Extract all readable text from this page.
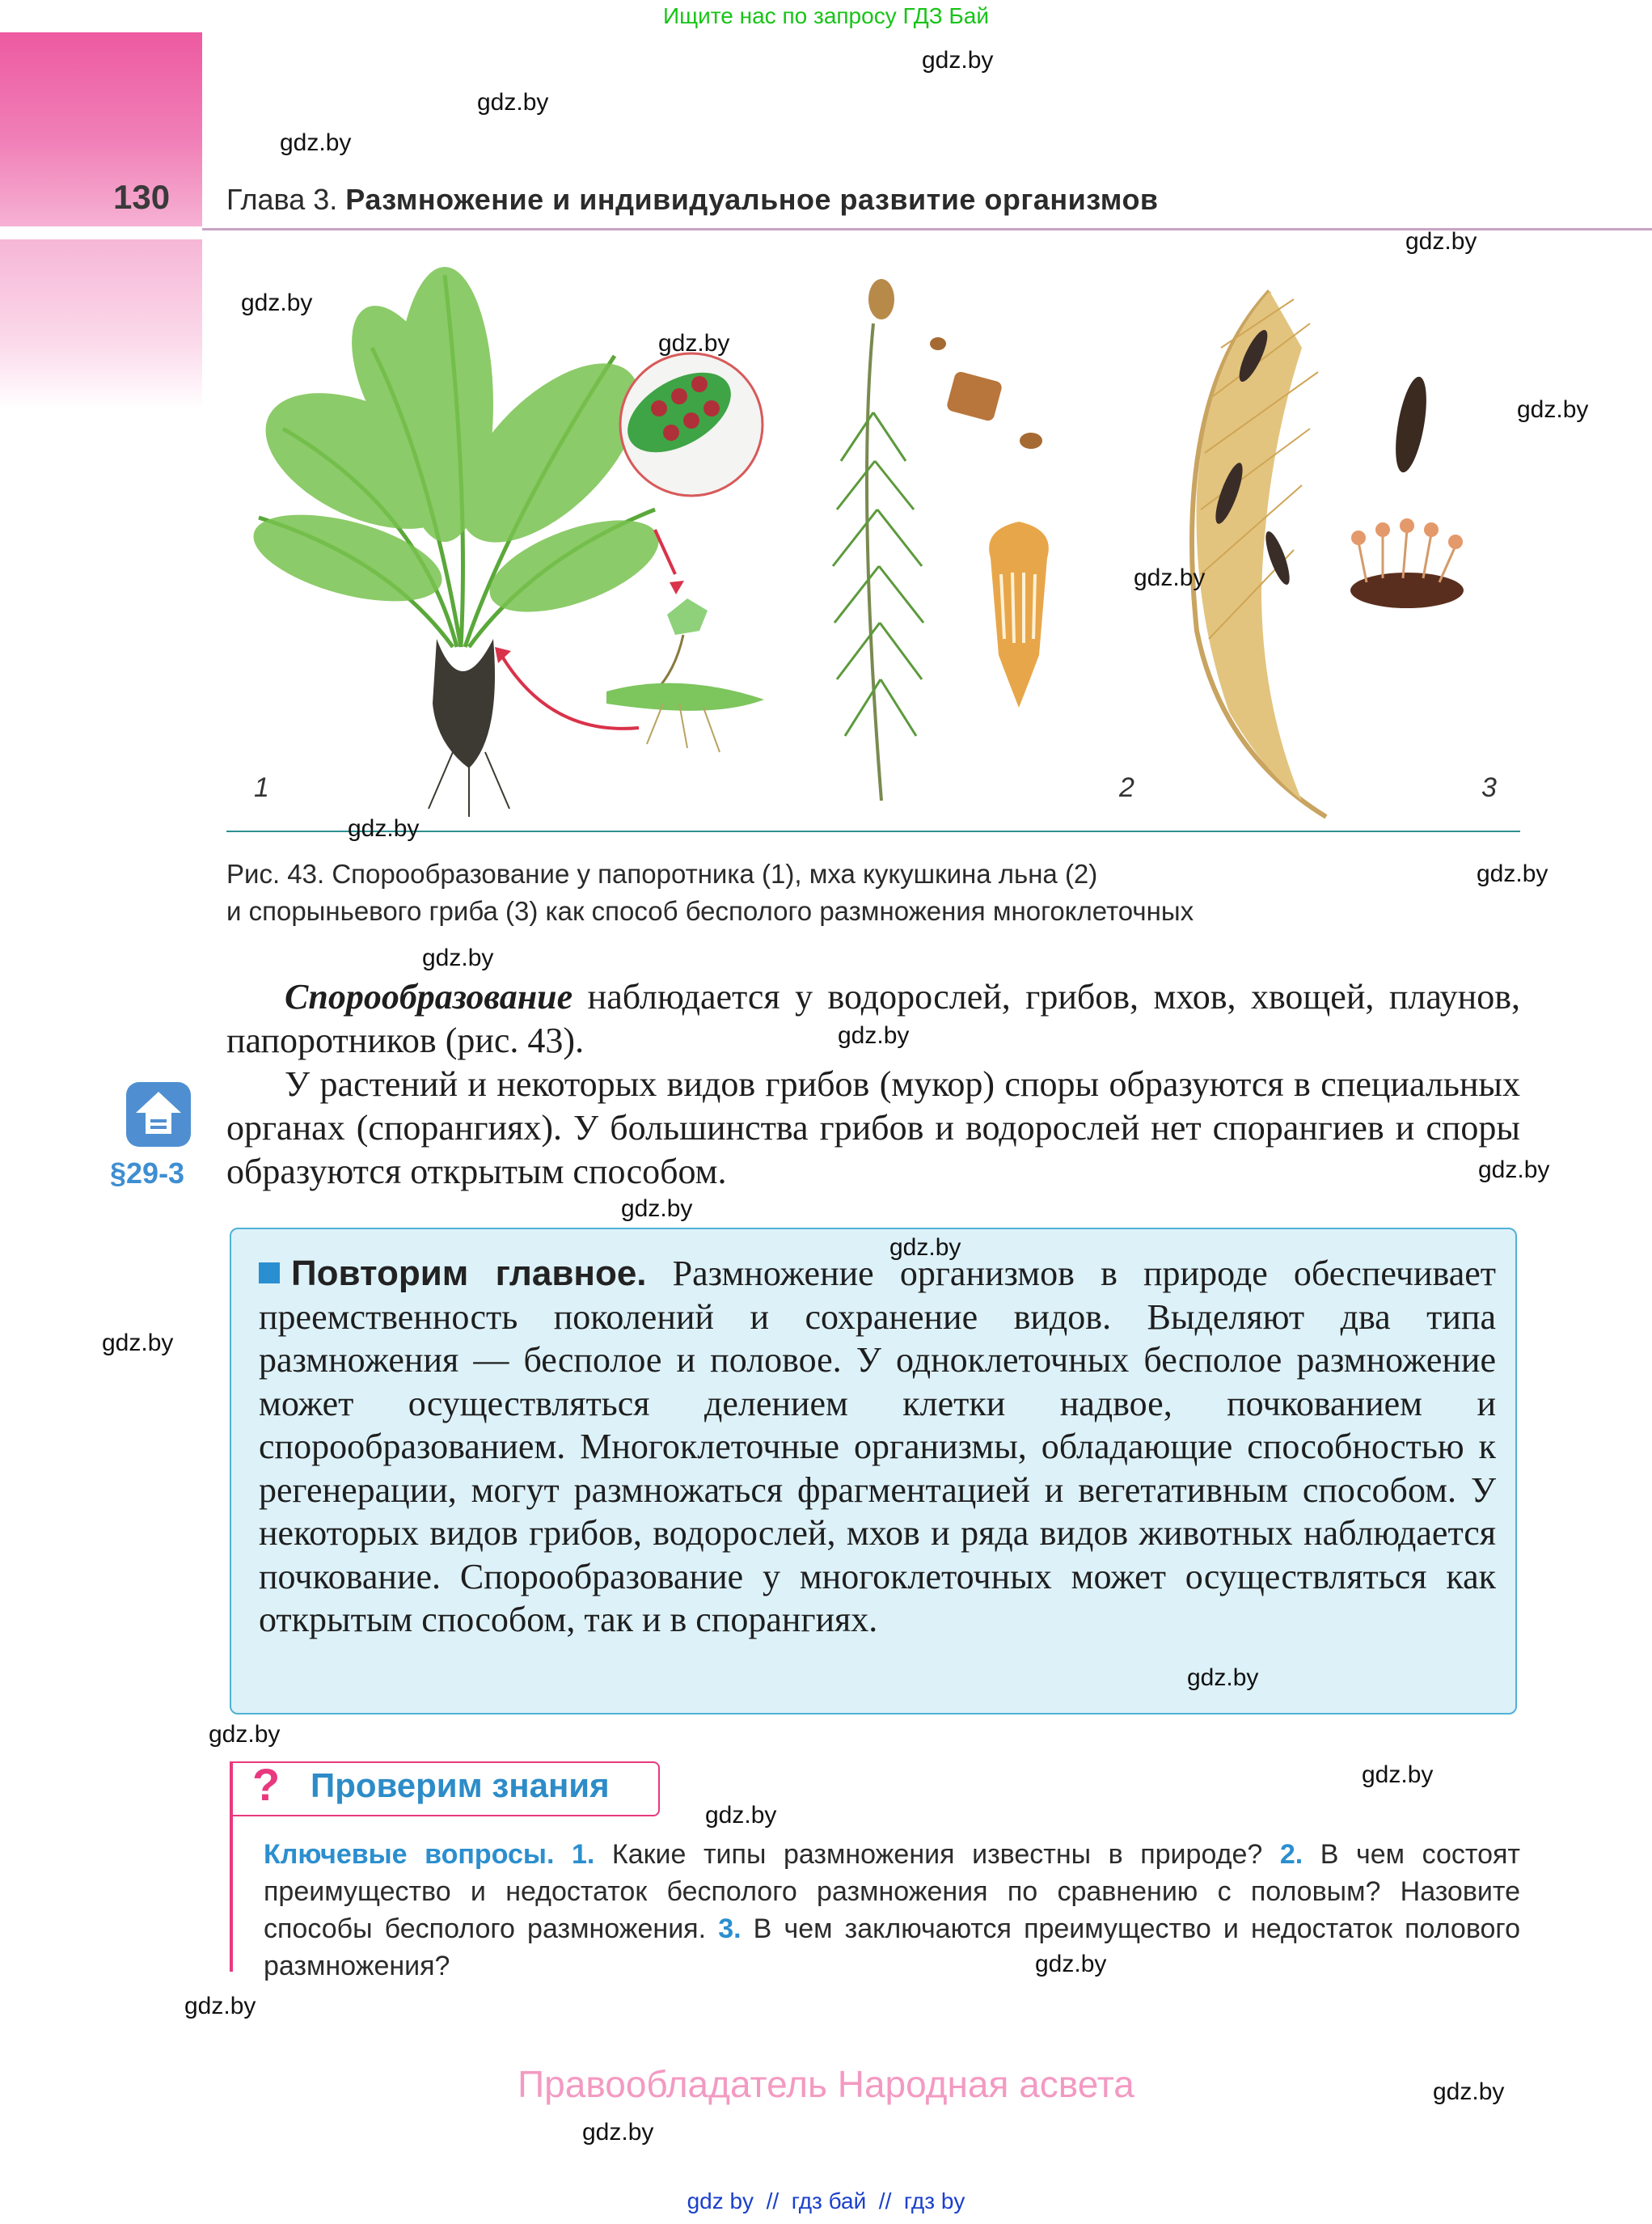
Ищите нас по запросу ГДЗ Бай
130 Глава 3. Размножение и индивидуальное развитие организмов
1	2	3
Рис. 43. Спорообразование у папоротника (1), мха кукушкина льна (2)
и спорыньевого гриба (3) как способ бесполого размножения многоклеточных
Спорообразование наблюдается у водорослей, грибов, мхов, хвощей, плаунов, папоротников (рис. 43).
У растений и некоторых видов грибов (мукор) споры образуются в специальных органах (спорангиях). У большинства грибов и водорослей нет спорангиев и споры образуются открытым способом.
§29-3
Повторим главное. Размножение организмов в природе обеспечивает преемственность поколений и сохранение видов. Выделяют два типа размножения — бесполое и половое. У одноклеточных бесполое размножение может осуществляться делением клетки надвое, почкованием и спорообразованием. Многоклеточные организмы, обладающие способностью к регенерации, могут размножаться фрагментацией и вегетативным способом. У некоторых видов грибов, водорослей, мхов и ряда видов животных наблюдается почкование. Спорообразование у многоклеточных может осуществляться как открытым способом, так и в спорангиях.
? Проверим знания
Ключевые вопросы. 1. Какие типы размножения известны в природе? 2. В чем состоят преимущество и недостаток бесполого размножения по сравнению с половым? Назовите способы бесполого размножения. 3. В чем заключаются преимущество и недостаток полового размножения?
Правообладатель Народная асвета
gdz.by
gdz.by
gdz.by
gdz.by
gdz.by
gdz.by
gdz.by
gdz.by
gdz.by
gdz.by
gdz.by
gdz.by
gdz.by
gdz.by
gdz.by
gdz.by
gdz.by
gdz.by
gdz.by
gdz.by
gdz.by
gdz.by
gdz.by
gdz.by
gdz by  //  гдз бай  //  гдз by
